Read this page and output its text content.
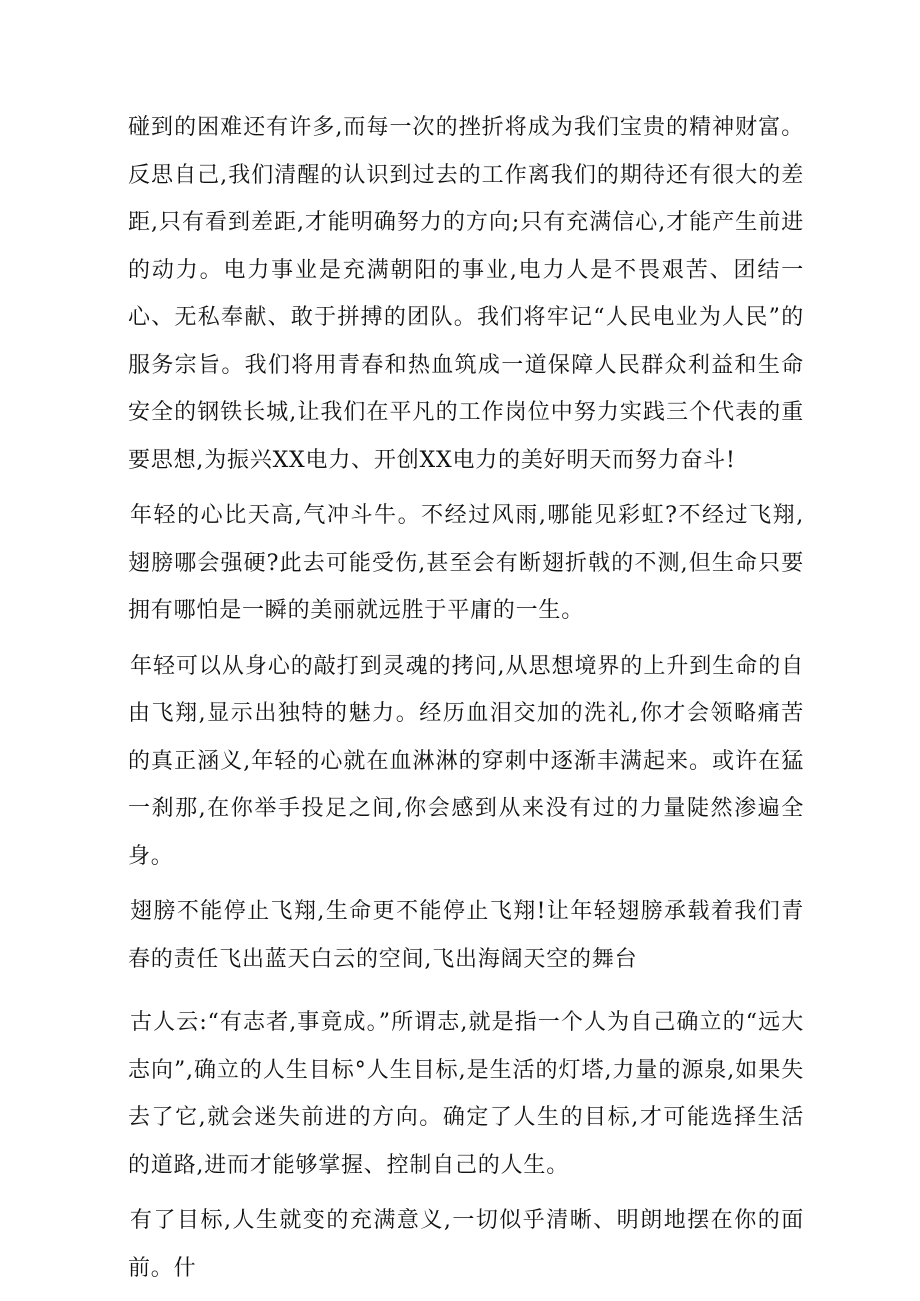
碰到的困难还有许多,而每一次的挫折将成为我们宝贵的精神财富。反思自己,我们清醒的认识到过去的工作离我们的期待还有很大的差距,只有看到差距,才能明确努力的方向;只有充满信心,才能产生前进的动力。电力事业是充满朝阳的事业,电力人是不畏艰苦、团结一心、无私奉献、敢于拼搏的团队。我们将牢记“人民电业为人民”的服务宗旨。我们将用青春和热血筑成一道保障人民群众利益和生命安全的钢铁长城,让我们在平凡的工作岗位中努力实践三个代表的重要思想,为振兴XX电力、开创XX电力的美好明天而努力奋斗!

年轻的心比天高,气冲斗牛。不经过风雨,哪能见彩虹?不经过飞翔,翅膀哪会强硬?此去可能受伤,甚至会有断翅折戟的不测,但生命只要拥有哪怕是一瞬的美丽就远胜于平庸的一生。

年轻可以从身心的敲打到灵魂的拷问,从思想境界的上升到生命的自由飞翔,显示出独特的魅力。经历血泪交加的洗礼,你才会领略痛苦的真正涵义,年轻的心就在血淋淋的穿刺中逐渐丰满起来。或许在猛一刹那,在你举手投足之间,你会感到从来没有过的力量陡然渗遍全身。

翅膀不能停止飞翔,生命更不能停止飞翔!让年轻翅膀承载着我们青春的责任飞出蓝天白云的空间,飞出海阔天空的舞台

古人云:“有志者,事竟成。”所谓志,就是指一个人为自己确立的“远大志向”,确立的人生目标°人生目标,是生活的灯塔,力量的源泉,如果失去了它,就会迷失前进的方向。确定了人生的目标,才可能选择生活的道路,进而才能够掌握、控制自己的人生。

有了目标,人生就变的充满意义,一切似乎清晰、明朗地摆在你的面前。什
